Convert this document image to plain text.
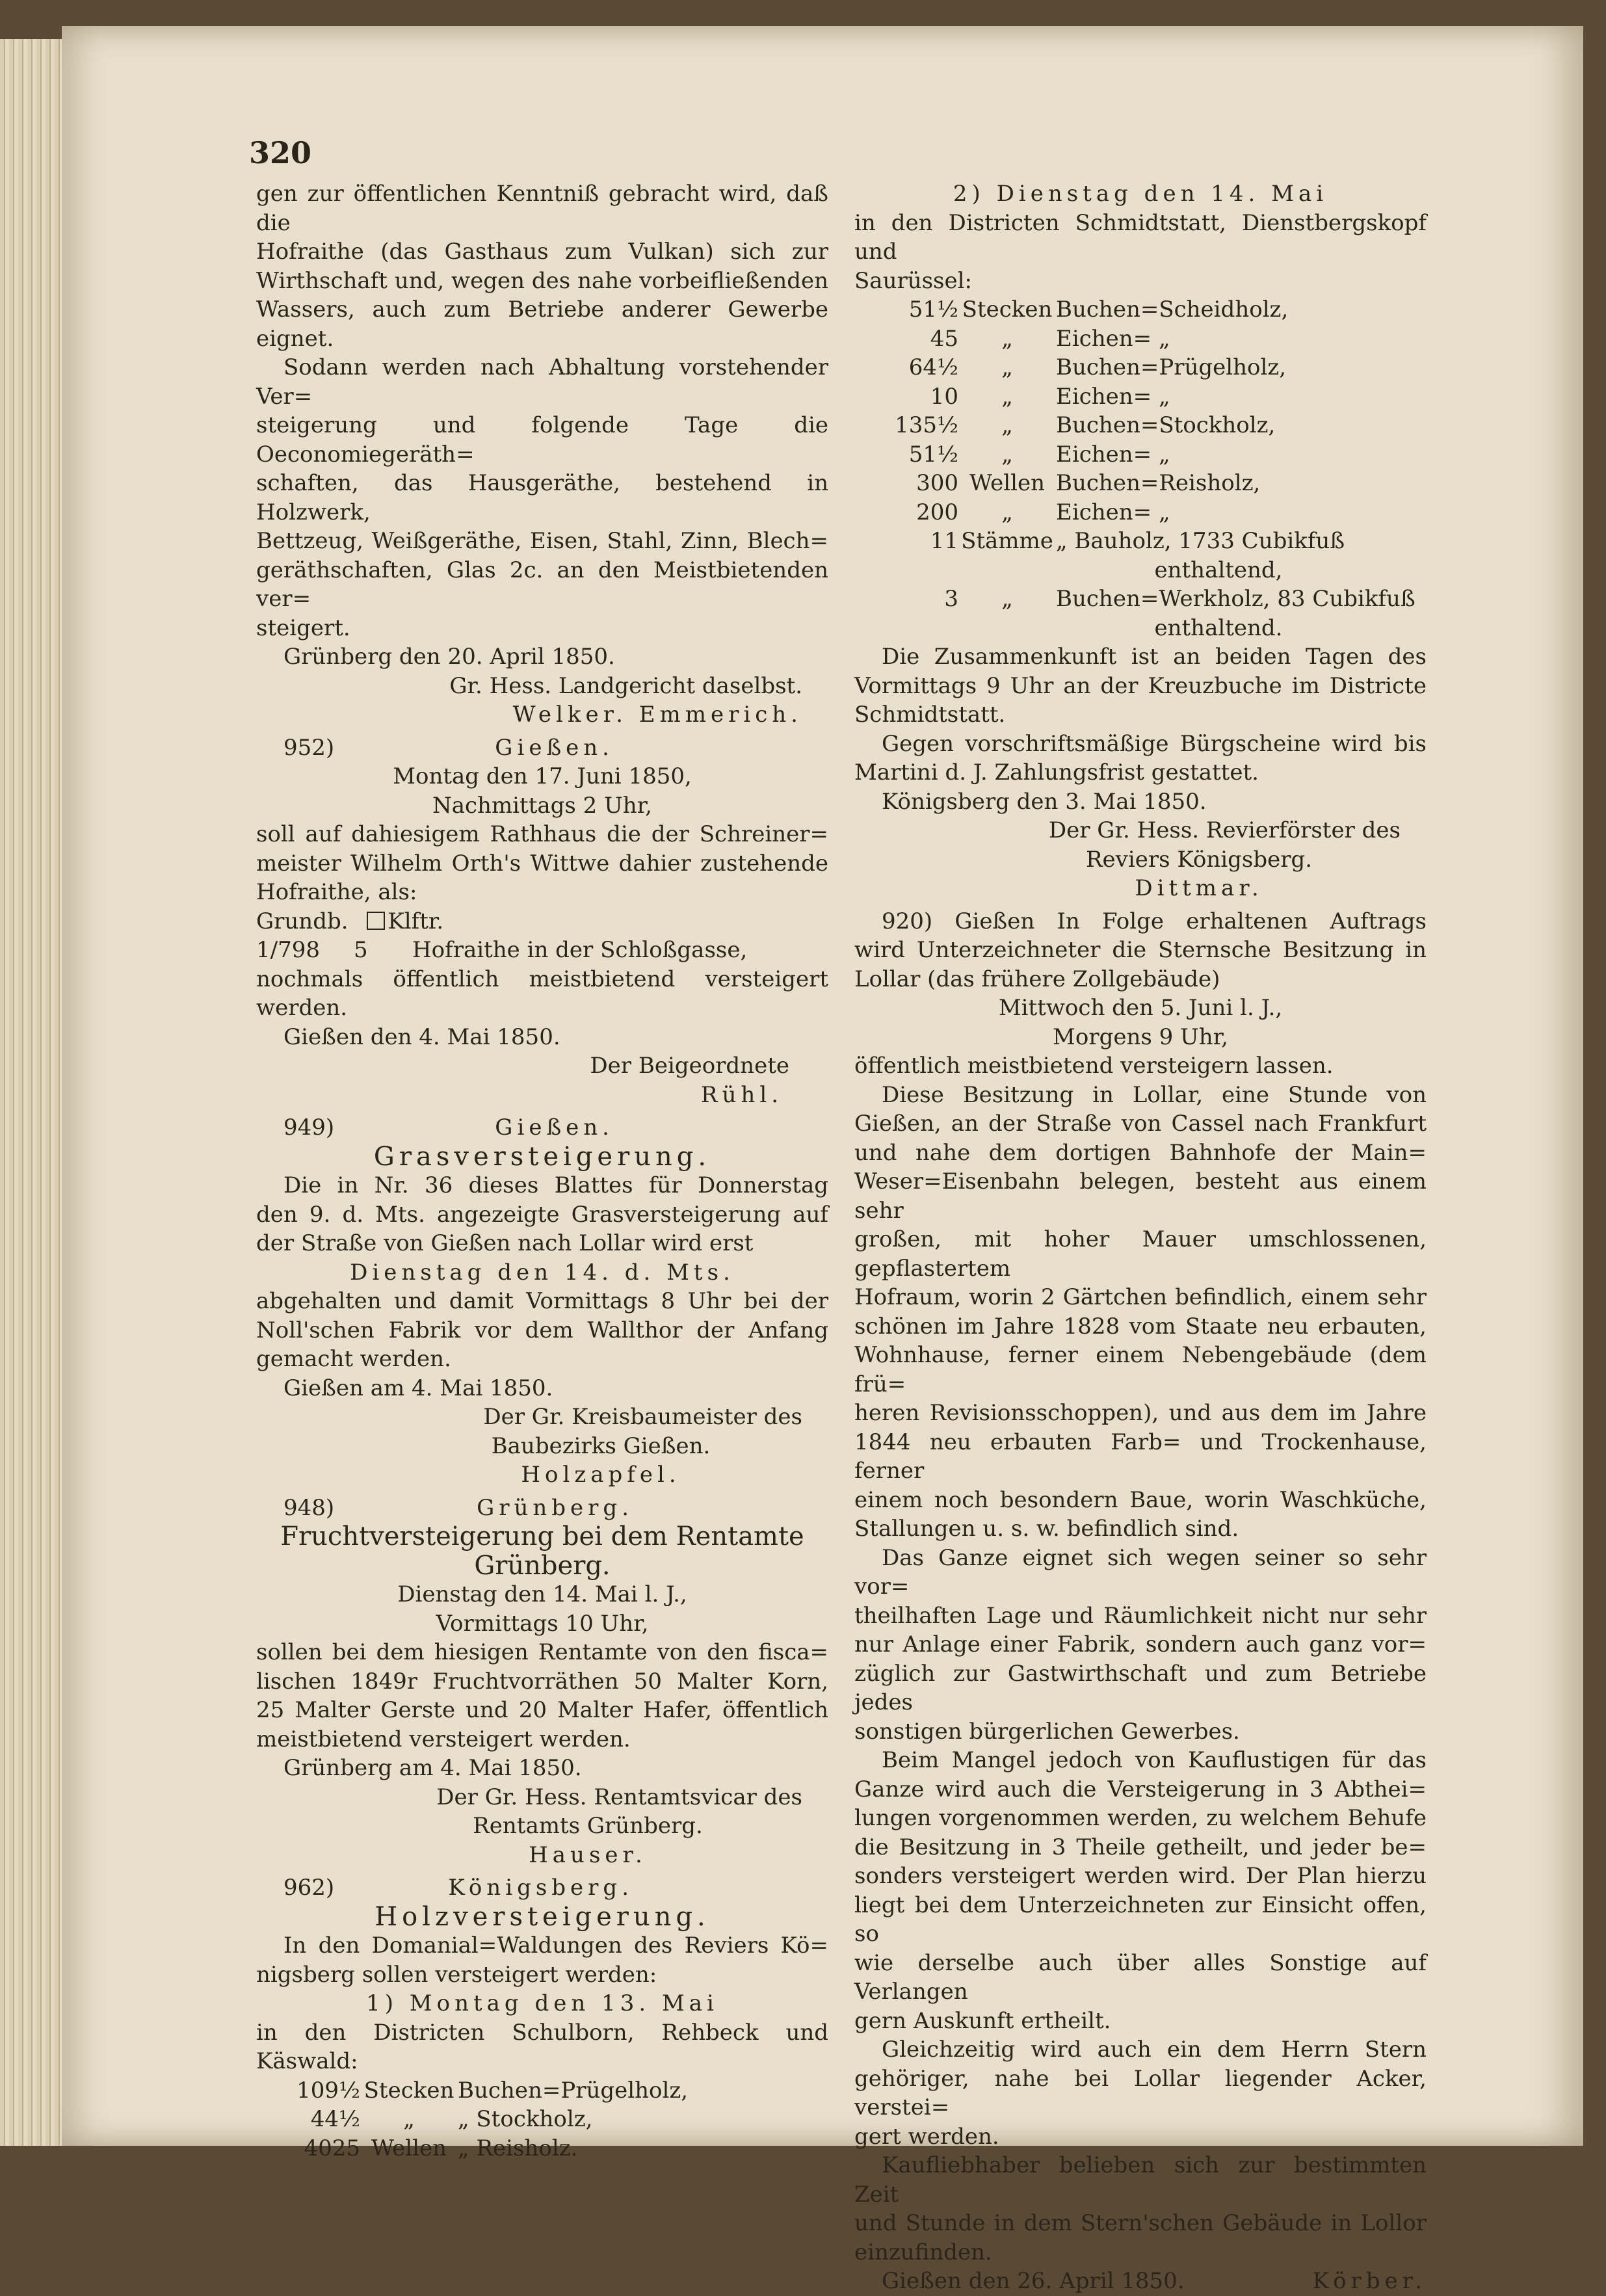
320

gen zur öffentlichen Kenntniß gebracht wird, daß die

Hofraithe (das Gasthaus zum Vulkan) sich zur

Wirthschaft und, wegen des nahe vorbeifließenden

Wassers, auch zum Betriebe anderer Gewerbe eignet.

Sodann werden nach Abhaltung vorstehender Ver=

steigerung und folgende Tage die Oeconomiegeräth=

schaften, das Hausgeräthe, bestehend in Holzwerk,

Bettzeug, Weißgeräthe, Eisen, Stahl, Zinn, Blech=

geräthschaften, Glas 2c. an den Meistbietenden ver=

steigert.

Grünberg den 20. April 1850.

Gr. Hess. Landgericht daselbst.

Welker. Emmerich.

952)	Gießen.

Montag den 17. Juni 1850,

Nachmittags 2 Uhr,

soll auf dahiesigem Rathhaus die der Schreiner=

meister Wilhelm Orth's Wittwe dahier zustehende

Hofraithe, als:

Grundb. Klftr.

1/798 5 Hofraithe in der Schloßgasse,

nochmals öffentlich meistbietend versteigert werden.

Gießen den 4. Mai 1850.

Der Beigeordnete

Rühl.

949)	Gießen.

Grasversteigerung.

Die in Nr. 36 dieses Blattes für Donnerstag

den 9. d. Mts. angezeigte Grasversteigerung auf

der Straße von Gießen nach Lollar wird erst

Dienstag den 14. d. Mts.

abgehalten und damit Vormittags 8 Uhr bei der

Noll'schen Fabrik vor dem Wallthor der Anfang

gemacht werden.

Gießen am 4. Mai 1850.

Der Gr. Kreisbaumeister des

Baubezirks Gießen.

Holzapfel.

948)	Grünberg.

Fruchtversteigerung bei dem Rentamte

Grünberg.

Dienstag den 14. Mai l. J.,

Vormittags 10 Uhr,

sollen bei dem hiesigen Rentamte von den fisca=

lischen 1849r Fruchtvorräthen 50 Malter Korn,

25 Malter Gerste und 20 Malter Hafer, öffentlich

meistbietend versteigert werden.

Grünberg am 4. Mai 1850.

Der Gr. Hess. Rentamtsvicar des

Rentamts Grünberg.

Hauser.

962)	Königsberg.

Holzversteigerung.

In den Domanial=Waldungen des Reviers Kö=

nigsberg sollen versteigert werden:

1) Montag den 13. Mai

in den Districten Schulborn, Rehbeck und Käswald:

109½ Stecken Buchen=Prügelholz,
44½	„	„ Stockholz,
4025 Wellen „ Reisholz.

2) Dienstag den 14. Mai

in den Districten Schmidtstatt, Dienstbergskopf und

Saurüssel:

51½ Stecken Buchen=Scheidholz,
45	„	Eichen= „
64½	„	Buchen=Prügelholz,
10	„	Eichen= „
135½	„	Buchen=Stockholz,
51½	„	Eichen= „
300 Wellen Buchen=Reisholz,
200	„	Eichen= „
11 Stämme „ Bauholz, 1733 Cubikfuß

enthaltend,

3	„	Buchen=Werkholz, 83 Cubikfuß

enthaltend.

Die Zusammenkunft ist an beiden Tagen des

Vormittags 9 Uhr an der Kreuzbuche im Districte

Schmidtstatt.

Gegen vorschriftsmäßige Bürgscheine wird bis

Martini d. J. Zahlungsfrist gestattet.

Königsberg den 3. Mai 1850.

Der Gr. Hess. Revierförster des

Reviers Königsberg.

Dittmar.

920) Gießen In Folge erhaltenen Auftrags

wird Unterzeichneter die Sternsche Besitzung in

Lollar (das frühere Zollgebäude)

Mittwoch den 5. Juni l. J.,

Morgens 9 Uhr,

öffentlich meistbietend versteigern lassen.

Diese Besitzung in Lollar, eine Stunde von

Gießen, an der Straße von Cassel nach Frankfurt

und nahe dem dortigen Bahnhofe der Main=

Weser=Eisenbahn belegen, besteht aus einem sehr

großen, mit hoher Mauer umschlossenen, gepflastertem

Hofraum, worin 2 Gärtchen befindlich, einem sehr

schönen im Jahre 1828 vom Staate neu erbauten,

Wohnhause, ferner einem Nebengebäude (dem frü=

heren Revisionsschoppen), und aus dem im Jahre

1844 neu erbauten Farb= und Trockenhause, ferner

einem noch besondern Baue, worin Waschküche,

Stallungen u. s. w. befindlich sind.

Das Ganze eignet sich wegen seiner so sehr vor=

theilhaften Lage und Räumlichkeit nicht nur sehr

nur Anlage einer Fabrik, sondern auch ganz vor=

züglich zur Gastwirthschaft und zum Betriebe jedes

sonstigen bürgerlichen Gewerbes.

Beim Mangel jedoch von Kauflustigen für das

Ganze wird auch die Versteigerung in 3 Abthei=

lungen vorgenommen werden, zu welchem Behufe

die Besitzung in 3 Theile getheilt, und jeder be=

sonders versteigert werden wird. Der Plan hierzu

liegt bei dem Unterzeichneten zur Einsicht offen, so

wie derselbe auch über alles Sonstige auf Verlangen

gern Auskunft ertheilt.

Gleichzeitig wird auch ein dem Herrn Stern

gehöriger, nahe bei Lollar liegender Acker, verstei=

gert werden.

Kaufliebhaber belieben sich zur bestimmten Zeit

und Stunde in dem Stern'schen Gebäude in Lollor

einzufinden.

Gießen den 26. April 1850.	Körber.
